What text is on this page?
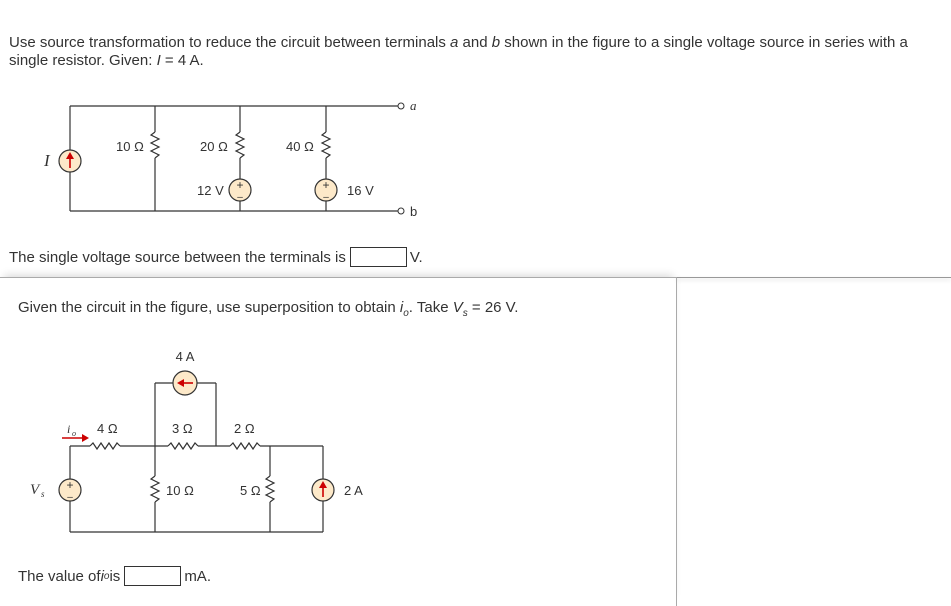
Use source transformation to reduce the circuit between terminals a and b shown in the figure to a single voltage source in series with a single resistor. Given: I = 4 A.
+
–
+
–
I
10 Ω	20 Ω	40 Ω
12 V	16 V
a
b
The single voltage source between the terminals is	V.
Given the circuit in the figure, use superposition to obtain $i_o$. Take $V_s = 26$ V.
+
–
4 A
i o 4 Ω	3 Ω	2 Ω
V s	10 Ω	5 Ω	2 A
The value of i o is	mA.
